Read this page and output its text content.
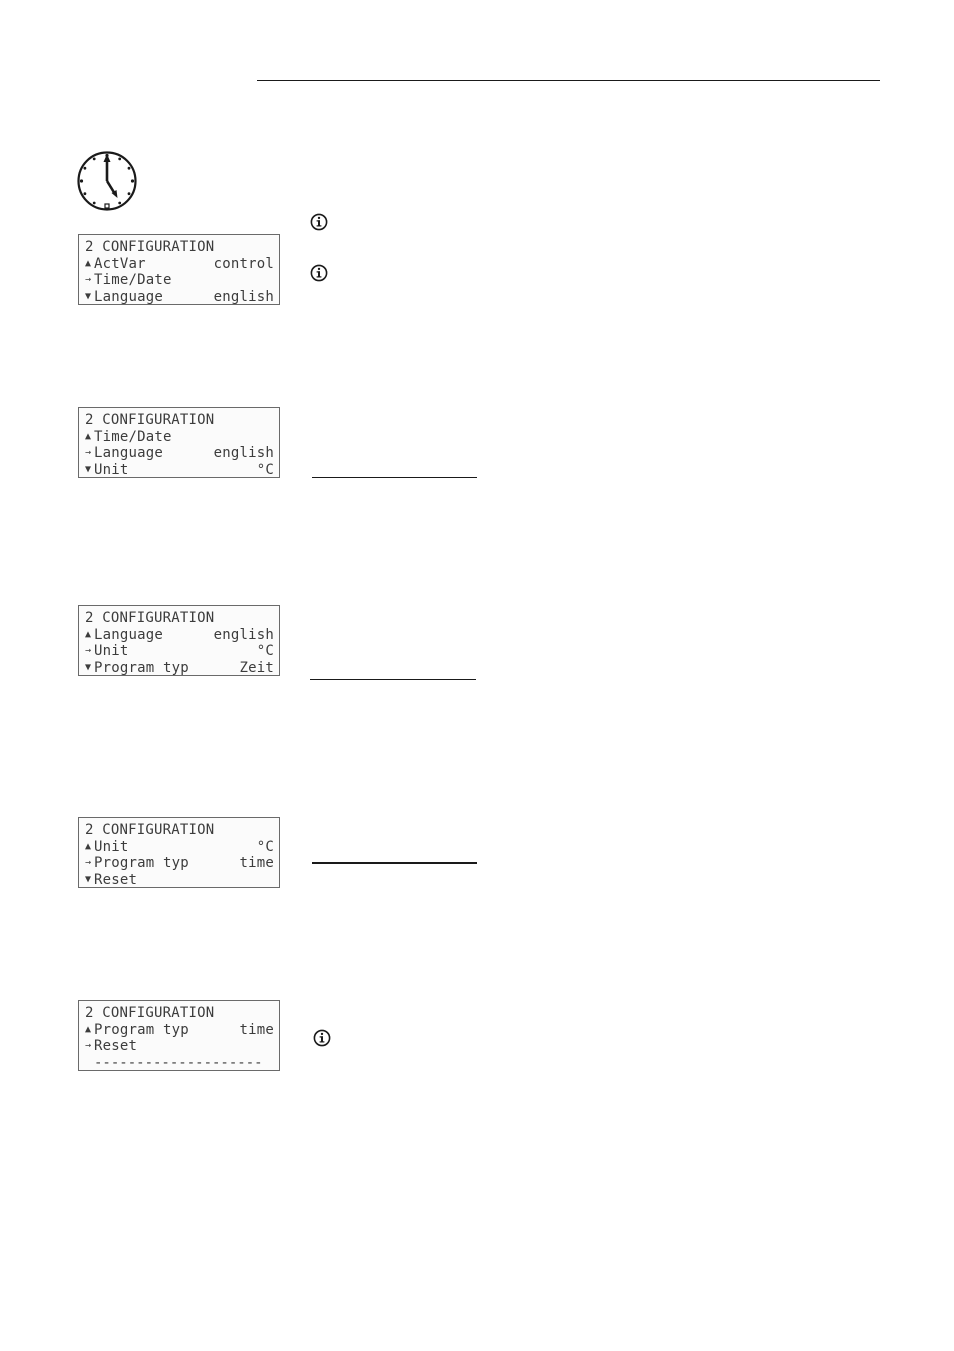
2 CONFIGURATION
▲ ActVar	control
→ Time/Date
▼ Language	english
2 CONFIGURATION
▲ Time/Date
→ Language	english
▼ Unit	°C
2 CONFIGURATION
▲ Language	english
→ Unit	°C
▼ Program typ	Zeit
2 CONFIGURATION
▲ Unit	°C
→ Program typ	time
▼ Reset
2 CONFIGURATION
▲ Program typ	time
→ Reset
--------------------
